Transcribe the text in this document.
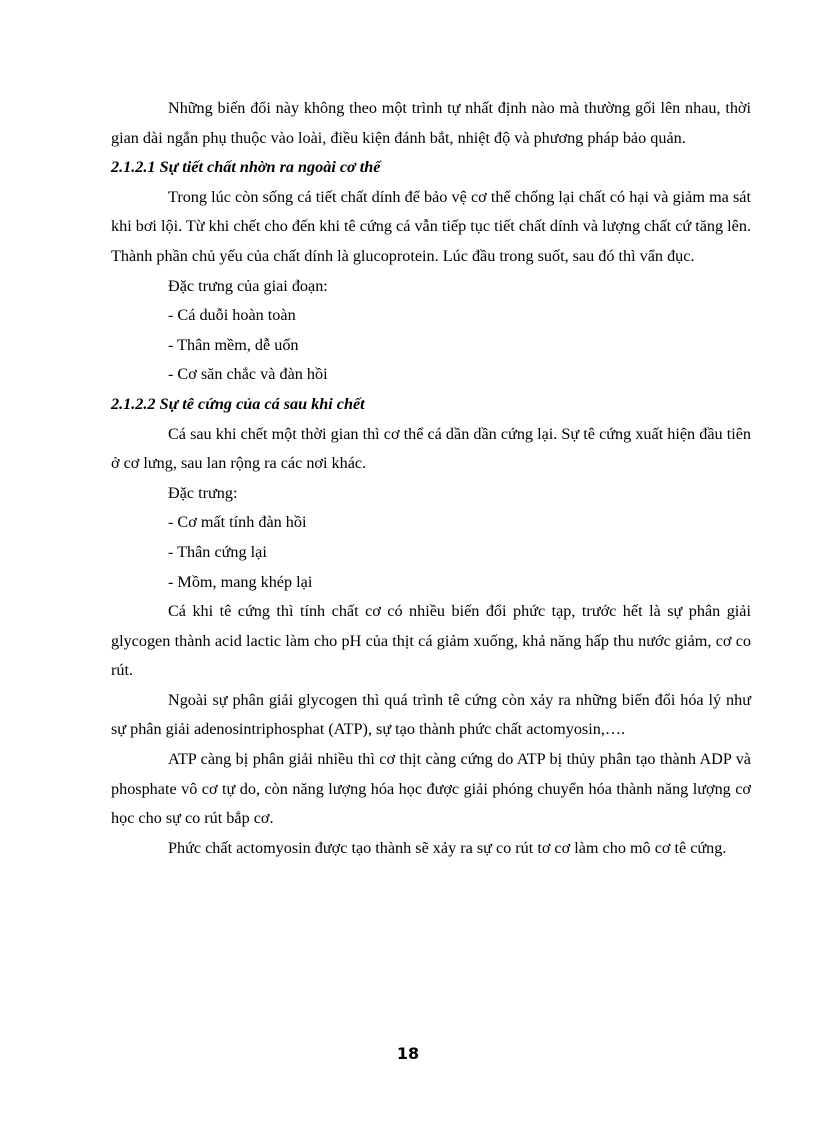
Những biến đổi này không theo một trình tự nhất định nào mà thường gối lên nhau, thời gian dài ngắn phụ thuộc vào loài, điều kiện đánh bắt, nhiệt độ và phương pháp bảo quản.

2.1.2.1 Sự tiết chất nhờn ra ngoài cơ thể

Trong lúc còn sống cá tiết chất dính để bảo vệ cơ thể chống lại chất có hại và giảm ma sát khi bơi lội. Từ khi chết cho đến khi tê cứng cá vẫn tiếp tục tiết chất dính và lượng chất cứ tăng lên. Thành phần chủ yếu của chất dính là glucoprotein. Lúc đầu trong suốt, sau đó thì vẩn đục.

Đặc trưng của giai đoạn:

- Cá duỗi hoàn toàn

- Thân mềm, dễ uốn

- Cơ săn chắc và đàn hồi

2.1.2.2 Sự tê cứng của cá sau khi chết

Cá sau khi chết một thời gian thì cơ thể cá dần dần cứng lại. Sự tê cứng xuất hiện đầu tiên ở cơ lưng, sau lan rộng ra các nơi khác.

Đặc trưng:

- Cơ mất tính đàn hồi

- Thân cứng lại

- Mồm, mang khép lại

Cá khi tê cứng thì tính chất cơ có nhiều biến đổi phức tạp, trước hết là sự phân giải glycogen thành acid lactic làm cho pH của thịt cá giảm xuống, khả năng hấp thu nước giảm, cơ co rút.

Ngoài sự phân giải glycogen thì quá trình tê cứng còn xảy ra những biến đổi hóa lý như sự phân giải adenosintriphosphat (ATP), sự tạo thành phức chất actomyosin,….

ATP càng bị phân giải nhiều thì cơ thịt càng cứng do ATP bị thủy phân tạo thành ADP và phosphate vô cơ tự do, còn năng lượng hóa học được giải phóng chuyển hóa thành năng lượng cơ học cho sự co rút bắp cơ.

Phức chất actomyosin được tạo thành sẽ xảy ra sự co rút tơ cơ làm cho mô cơ tê cứng.

18
